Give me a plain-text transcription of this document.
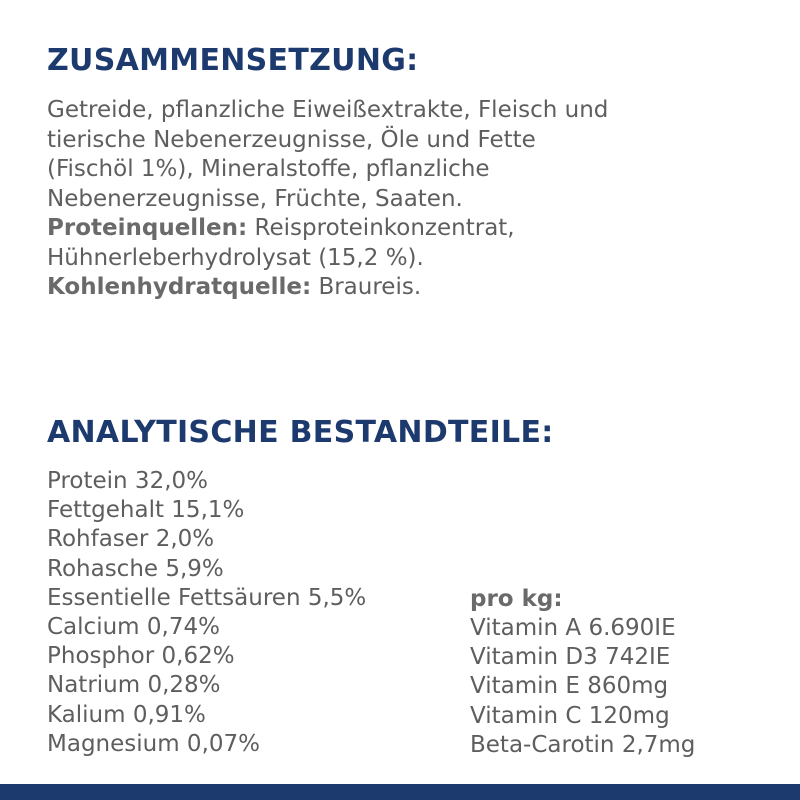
ZUSAMMENSETZUNG:
Getreide, pflanzliche Eiweißextrakte, Fleisch und
tierische Nebenerzeugnisse, Öle und Fette
(Fischöl 1%), Mineralstoffe, pflanzliche
Nebenerzeugnisse, Früchte, Saaten.
Proteinquellen: Reisproteinkonzentrat,
Hühnerleberhydrolysat (15,2 %).
Kohlenhydratquelle: Braureis.
ANALYTISCHE BESTANDTEILE:
Protein 32,0%
Fettgehalt 15,1%
Rohfaser 2,0%
Rohasche 5,9%
Essentielle Fettsäuren 5,5%
Calcium 0,74%
Phosphor 0,62%
Natrium 0,28%
Kalium 0,91%
Magnesium 0,07%
pro kg:
Vitamin A 6.690IE
Vitamin D3 742IE
Vitamin E 860mg
Vitamin C 120mg
Beta-Carotin 2,7mg
